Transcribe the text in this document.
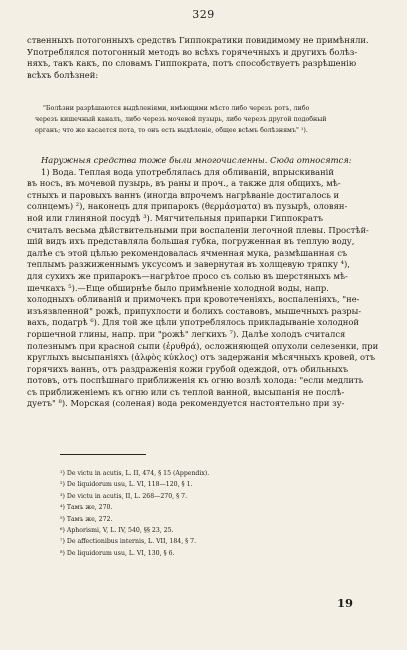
329
ственныхъ потогонныхъ средствъ Гиппократики повидимому не примѣняли.
Употреблялся потогонный методъ во всѣхъ горячечныхъ и другихъ болѣз-
няхъ, такъ какъ, по словамъ Гиппократа, потъ способствуетъ разрѣшенію
всѣхъ болѣзней:
"Болѣзни разрѣшаются выдѣленіями, имѣющими мѣсто либо черезъ ротъ, либо
черезъ кишечный каналъ, либо черезъ мочевой пузырь, либо черезъ другой подобный
органъ; что же касается пота, то онъ есть выдѣленіе, общее всѣмъ болѣзнямъ" ¹).
Наружныя средства тоже были многочисленны. Сюда относятся:
1) Вода. Теплая вода употреблялась для обливаній, впрыскиваній
въ носъ, въ мочевой пузырь, въ раны и проч., а также для общихъ, мѣ-
стныхъ и паровыхъ ваннъ (иногда впрочемъ нагрѣваніе достигалось и
солнцемъ) ²), наконецъ для припарокъ (θερμάσματα) въ пузырѣ, оловян-
ной или глиняной посудѣ ³). Мягчительныя припарки Гиппократъ
считалъ весьма дѣйствительными при воспаленіи легочной плевы. Простѣй-
шій видъ ихъ представляла большая губка, погруженная въ теплую воду,
далѣе съ этой цѣлью рекомендовалась ячменная мука, размѣшанная съ
теплымъ разжиженнымъ уксусомъ и завернутая въ холщевую тряпку ⁴),
для сухихъ же припарокъ—нагрѣтое просо съ солью въ шерстяныхъ мѣ-
шечкахъ ⁵).—Еще обширнѣе было примѣненіе холодной воды, напр.
холодныхъ обливаній и примочекъ при кровотеченіяхъ, воспаленіяхъ, "не-
изъязвленной" рожѣ, припухлости и болихъ составовъ, мышечныхъ разры-
вахъ, подагрѣ ⁶). Для той же цѣли употреблялось прикладываніе холодной
горшечной глины, напр. при "рожѣ" легкихъ ⁷). Далѣе холодъ считался
полезнымъ при красной сыпи (ἐρυθρά), осложняющей опухоли селезенки, при
круглыхъ высыпаніяхъ (ἀλφὸς κύκλος) отъ задержанія мѣсячныхъ кровей, отъ
горячихъ ваннъ, отъ раздраженія кожи грубой одеждой, отъ обильныхъ
потовъ, отъ поспѣшнаго приближенія къ огню возлѣ холода: "если медлить
съ приближеніемъ къ огню или съ теплой ванной, высыпанія не послѣ-
дуетъ" ⁸). Морская (соленая) вода рекомендуется настоятельно при зу-
¹) De victu in acutis, L. II, 474, § 15 (Appendix).
²) De liquidorum usu, L. VI, 118—120, § 1.
³) De victu in acutis, II, L. 268—270, § 7.
⁴) Тамъ же, 270.
⁵) Тамъ же, 272.
⁶) Aphorismi, V, L. IV, 540, §§ 23, 25.
⁷) De affectionibus internis, L. VII, 184, § 7.
⁸) De liquidorum usu, L. VI, 130, § 6.
19
